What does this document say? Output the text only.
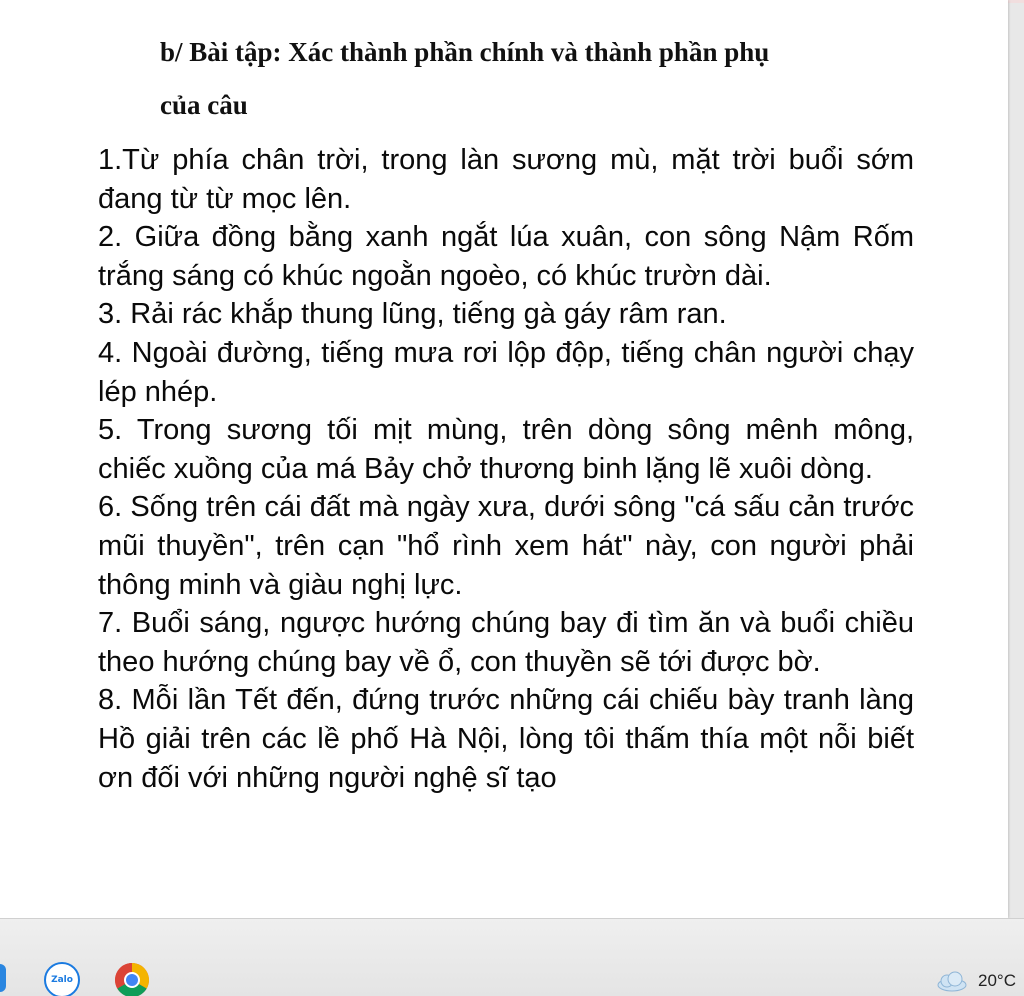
b/ Bài tập: Xác thành phần chính và thành phần phụ
của câu
1.Từ phía chân trời, trong làn sương mù, mặt trời buổi sớm đang từ từ mọc lên.
2. Giữa đồng bằng xanh ngắt lúa xuân, con sông Nậm Rốm trắng sáng có khúc ngoằn ngoèo, có khúc trườn dài.
3. Rải rác khắp thung lũng, tiếng gà gáy râm ran.
4. Ngoài đường, tiếng mưa rơi lộp độp, tiếng chân người chạy lép nhép.
5. Trong sương tối mịt mùng, trên dòng sông mênh mông, chiếc xuồng của má Bảy chở thương binh lặng lẽ xuôi dòng.
6. Sống trên cái đất mà ngày xưa, dưới sông "cá sấu cản trước mũi thuyền", trên cạn "hổ rình xem hát" này, con người phải thông minh và giàu nghị lực.
7. Buổi sáng, ngược hướng chúng bay đi tìm ăn và buổi chiều theo hướng chúng bay về ổ, con thuyền sẽ tới được bờ.
8. Mỗi lần Tết đến, đứng trước những cái chiếu bày tranh làng Hồ giải trên các lề phố Hà Nội, lòng tôi thấm thía một nỗi biết ơn đối với những người nghệ sĩ tạo
Zalo	20°C
